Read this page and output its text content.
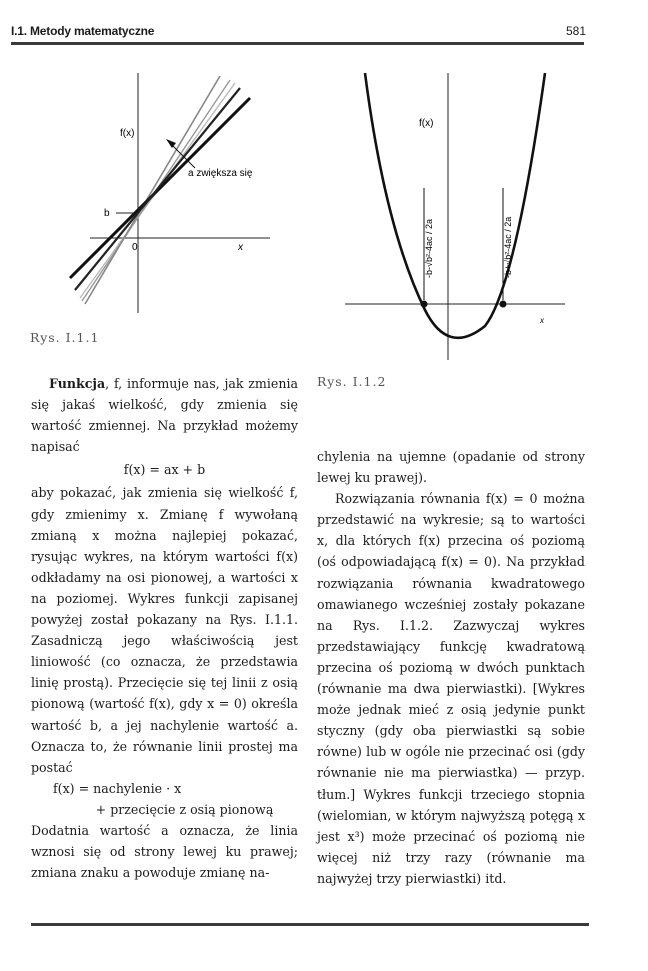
I.1. Metody matematyczne	581
f(x)
a zwiększa się
b
0	x
Rys. I.1.1
f(x)
-b-√b²-4ac / 2a	-b+√b²-4ac / 2a
x
Rys. I.1.2

Funkcja, f, informuje nas, jak zmienia się jakaś wielkość, gdy zmienia się wartość zmiennej. Na przykład możemy napisać

f(x) = ax + b

aby pokazać, jak zmienia się wielkość f, gdy zmienimy x. Zmianę f wywołaną zmianą x można najlepiej pokazać, rysując wykres, na którym wartości f(x) odkładamy na osi pionowej, a wartości x na poziomej. Wykres funkcji zapisanej powyżej został pokazany na Rys. I.1.1. Zasadniczą jego właściwością jest liniowość (co oznacza, że przedstawia linię prostą). Przecięcie się tej linii z osią pionową (wartość f(x), gdy x = 0) określa wartość b, a jej nachylenie wartość a. Oznacza to, że równanie linii prostej ma postać

f(x) = nachylenie · x

+ przecięcie z osią pionową

Dodatnia wartość a oznacza, że linia wznosi się od strony lewej ku prawej; zmiana znaku a powoduje zmianę na-

chylenia na ujemne (opadanie od strony lewej ku prawej).

Rozwiązania równania f(x) = 0 można przedstawić na wykresie; są to wartości x, dla których f(x) przecina oś poziomą (oś odpowiadającą f(x) = 0). Na przykład rozwiązania równania kwadratowego omawianego wcześniej zostały pokazane na Rys. I.1.2. Zazwyczaj wykres przedstawiający funkcję kwadratową przecina oś poziomą w dwóch punktach (równanie ma dwa pierwiastki). [Wykres może jednak mieć z osią jedynie punkt styczny (gdy oba pierwiastki są sobie równe) lub w ogóle nie przecinać osi (gdy równanie nie ma pierwiastka) — przyp. tłum.] Wykres funkcji trzeciego stopnia (wielomian, w którym najwyższą potęgą x jest x³) może przecinać oś poziomą nie więcej niż trzy razy (równanie ma najwyżej trzy pierwiastki) itd.
